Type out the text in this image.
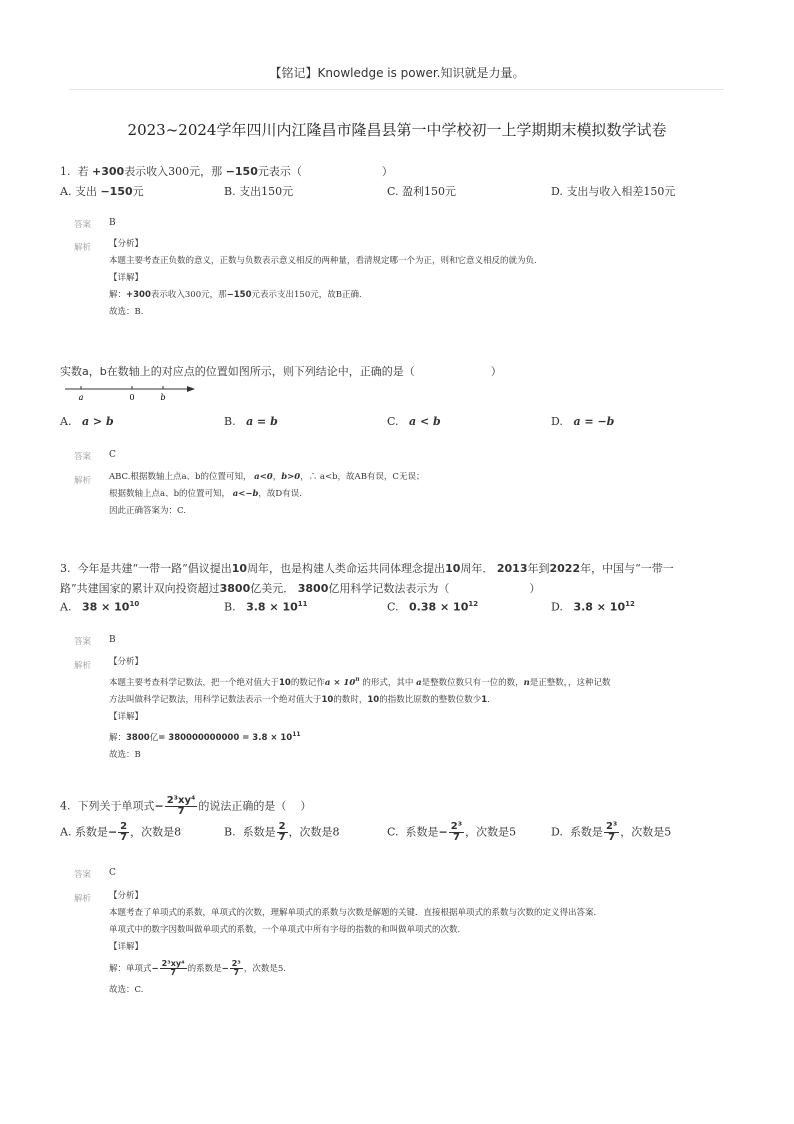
【铭记】Knowledge is power.知识就是力量。
2023~2024学年四川内江隆昌市隆昌县第一中学校初一上学期期末模拟数学试卷
1. 若 +300表示收入300元，那 −150元表示（	）
A. 支出 −150元	B. 支出150元	C. 盈利150元	D. 支出与收入相差150元
答案 B
解析 【分析】
本题主要考查正负数的意义，正数与负数表示意义相反的两种量，看清规定哪一个为正，则和它意义相反的就为负.
【详解】
解：+300表示收入300元，那−150元表示支出150元，故B正确.
故选：B.
实数a，b在数轴上的对应点的位置如图所示，则下列结论中，正确的是（	）
a	0	b
A. a > b	B. a = b	C. a < b	D. a = −b
答案 C
解析 ABC.根据数轴上点a、b的位置可知， a<0，b>0，∴ a<b，故AB有误，C无误；
根据数轴上点a、b的位置可知， a<−b，故D有误.
因此正确答案为：C.
3. 今年是共建“一带一路”倡议提出10周年，也是构建人类命运共同体理念提出10周年． 2013年到2022年，中国与“一带一
路”共建国家的累计双向投资超过3800亿美元． 3800亿用科学记数法表示为（	）
A. $38 \times 10^{10}$	B. $3.8 \times 10^{11}$	C. $0.38 \times 10^{12}$	D. $3.8 \times 10^{12}$
答案 B
解析 【分析】
本题主要考查科学记数法，把一个绝对值大于10的数记作$a \times 10^n$ 的形式，其中 a是整数位数只有一位的数，n是正整数，，这种记数
方法叫做科学记数法，用科学记数法表示一个绝对值大于10的数时，10的指数比原数的整数位数少1.
【详解】
解：3800亿= $380000000000 = 3.8 \times 10^{11}$
故选：B
4. 下列关于单项式− $\frac{\text{2³xy⁴}}{7}$ 的说法正确的是（ ）
A. 系数是− $\frac{2}{7}$ ，次数是8	B. 系数是 $\frac{2}{7}$ ，次数是8	C. 系数是− $\frac{\text{2³}}{7}$ ，次数是5	D. 系数是 $\frac{\text{2³}}{7}$ ，次数是5
答案 C
解析 【分析】
本题考查了单项式的系数，单项式的次数，理解单项式的系数与次数是解题的关键．直接根据单项式的系数与次数的定义得出答案．
单项式中的数字因数叫做单项式的系数，一个单项式中所有字母的指数的和叫做单项式的次数．
【详解】
解：单项式− $\frac{\text{2³xy⁴}}{7}$ 的系数是− $\frac{\text{2³}}{7}$ ，次数是5.
故选：C.
